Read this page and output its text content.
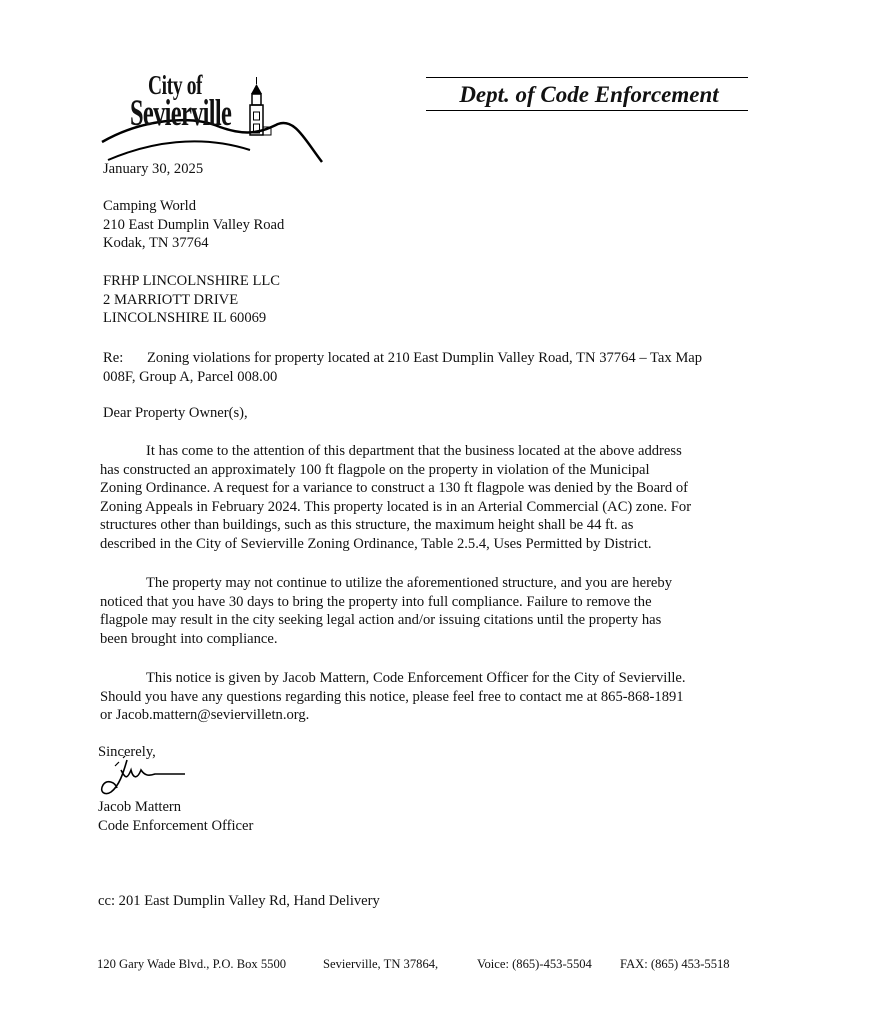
City of
Sevierville	Dept. of Code Enforcement
January 30, 2025
Camping World
210 East Dumplin Valley Road
Kodak, TN 37764
FRHP LINCOLNSHIRE LLC
2 MARRIOTT DRIVE
LINCOLNSHIRE IL 60069
Re: Zoning violations for property located at 210 East Dumplin Valley Road, TN 37764 – Tax Map
008F, Group A, Parcel 008.00
Dear Property Owner(s),

It has come to the attention of this department that the business located at the above address

has constructed an approximately 100 ft flagpole on the property in violation of the Municipal

Zoning Ordinance. A request for a variance to construct a 130 ft flagpole was denied by the Board of

Zoning Appeals in February 2024. This property located is in an Arterial Commercial (AC) zone. For

structures other than buildings, such as this structure, the maximum height shall be 44 ft. as

described in the City of Sevierville Zoning Ordinance, Table 2.5.4, Uses Permitted by District.

The property may not continue to utilize the aforementioned structure, and you are hereby

noticed that you have 30 days to bring the property into full compliance. Failure to remove the

flagpole may result in the city seeking legal action and/or issuing citations until the property has

been brought into compliance.

This notice is given by Jacob Mattern, Code Enforcement Officer for the City of Sevierville.

Should you have any questions regarding this notice, please feel free to contact me at 865-868-1891

or Jacob.mattern@seviervilletn.org.

Sincerely,
Jacob Mattern
Code Enforcement Officer
cc: 201 East Dumplin Valley Rd, Hand Delivery
120 Gary Wade Blvd., P.O. Box 5500	Sevierville, TN 37864,	Voice: (865)-453-5504 FAX: (865) 453-5518
